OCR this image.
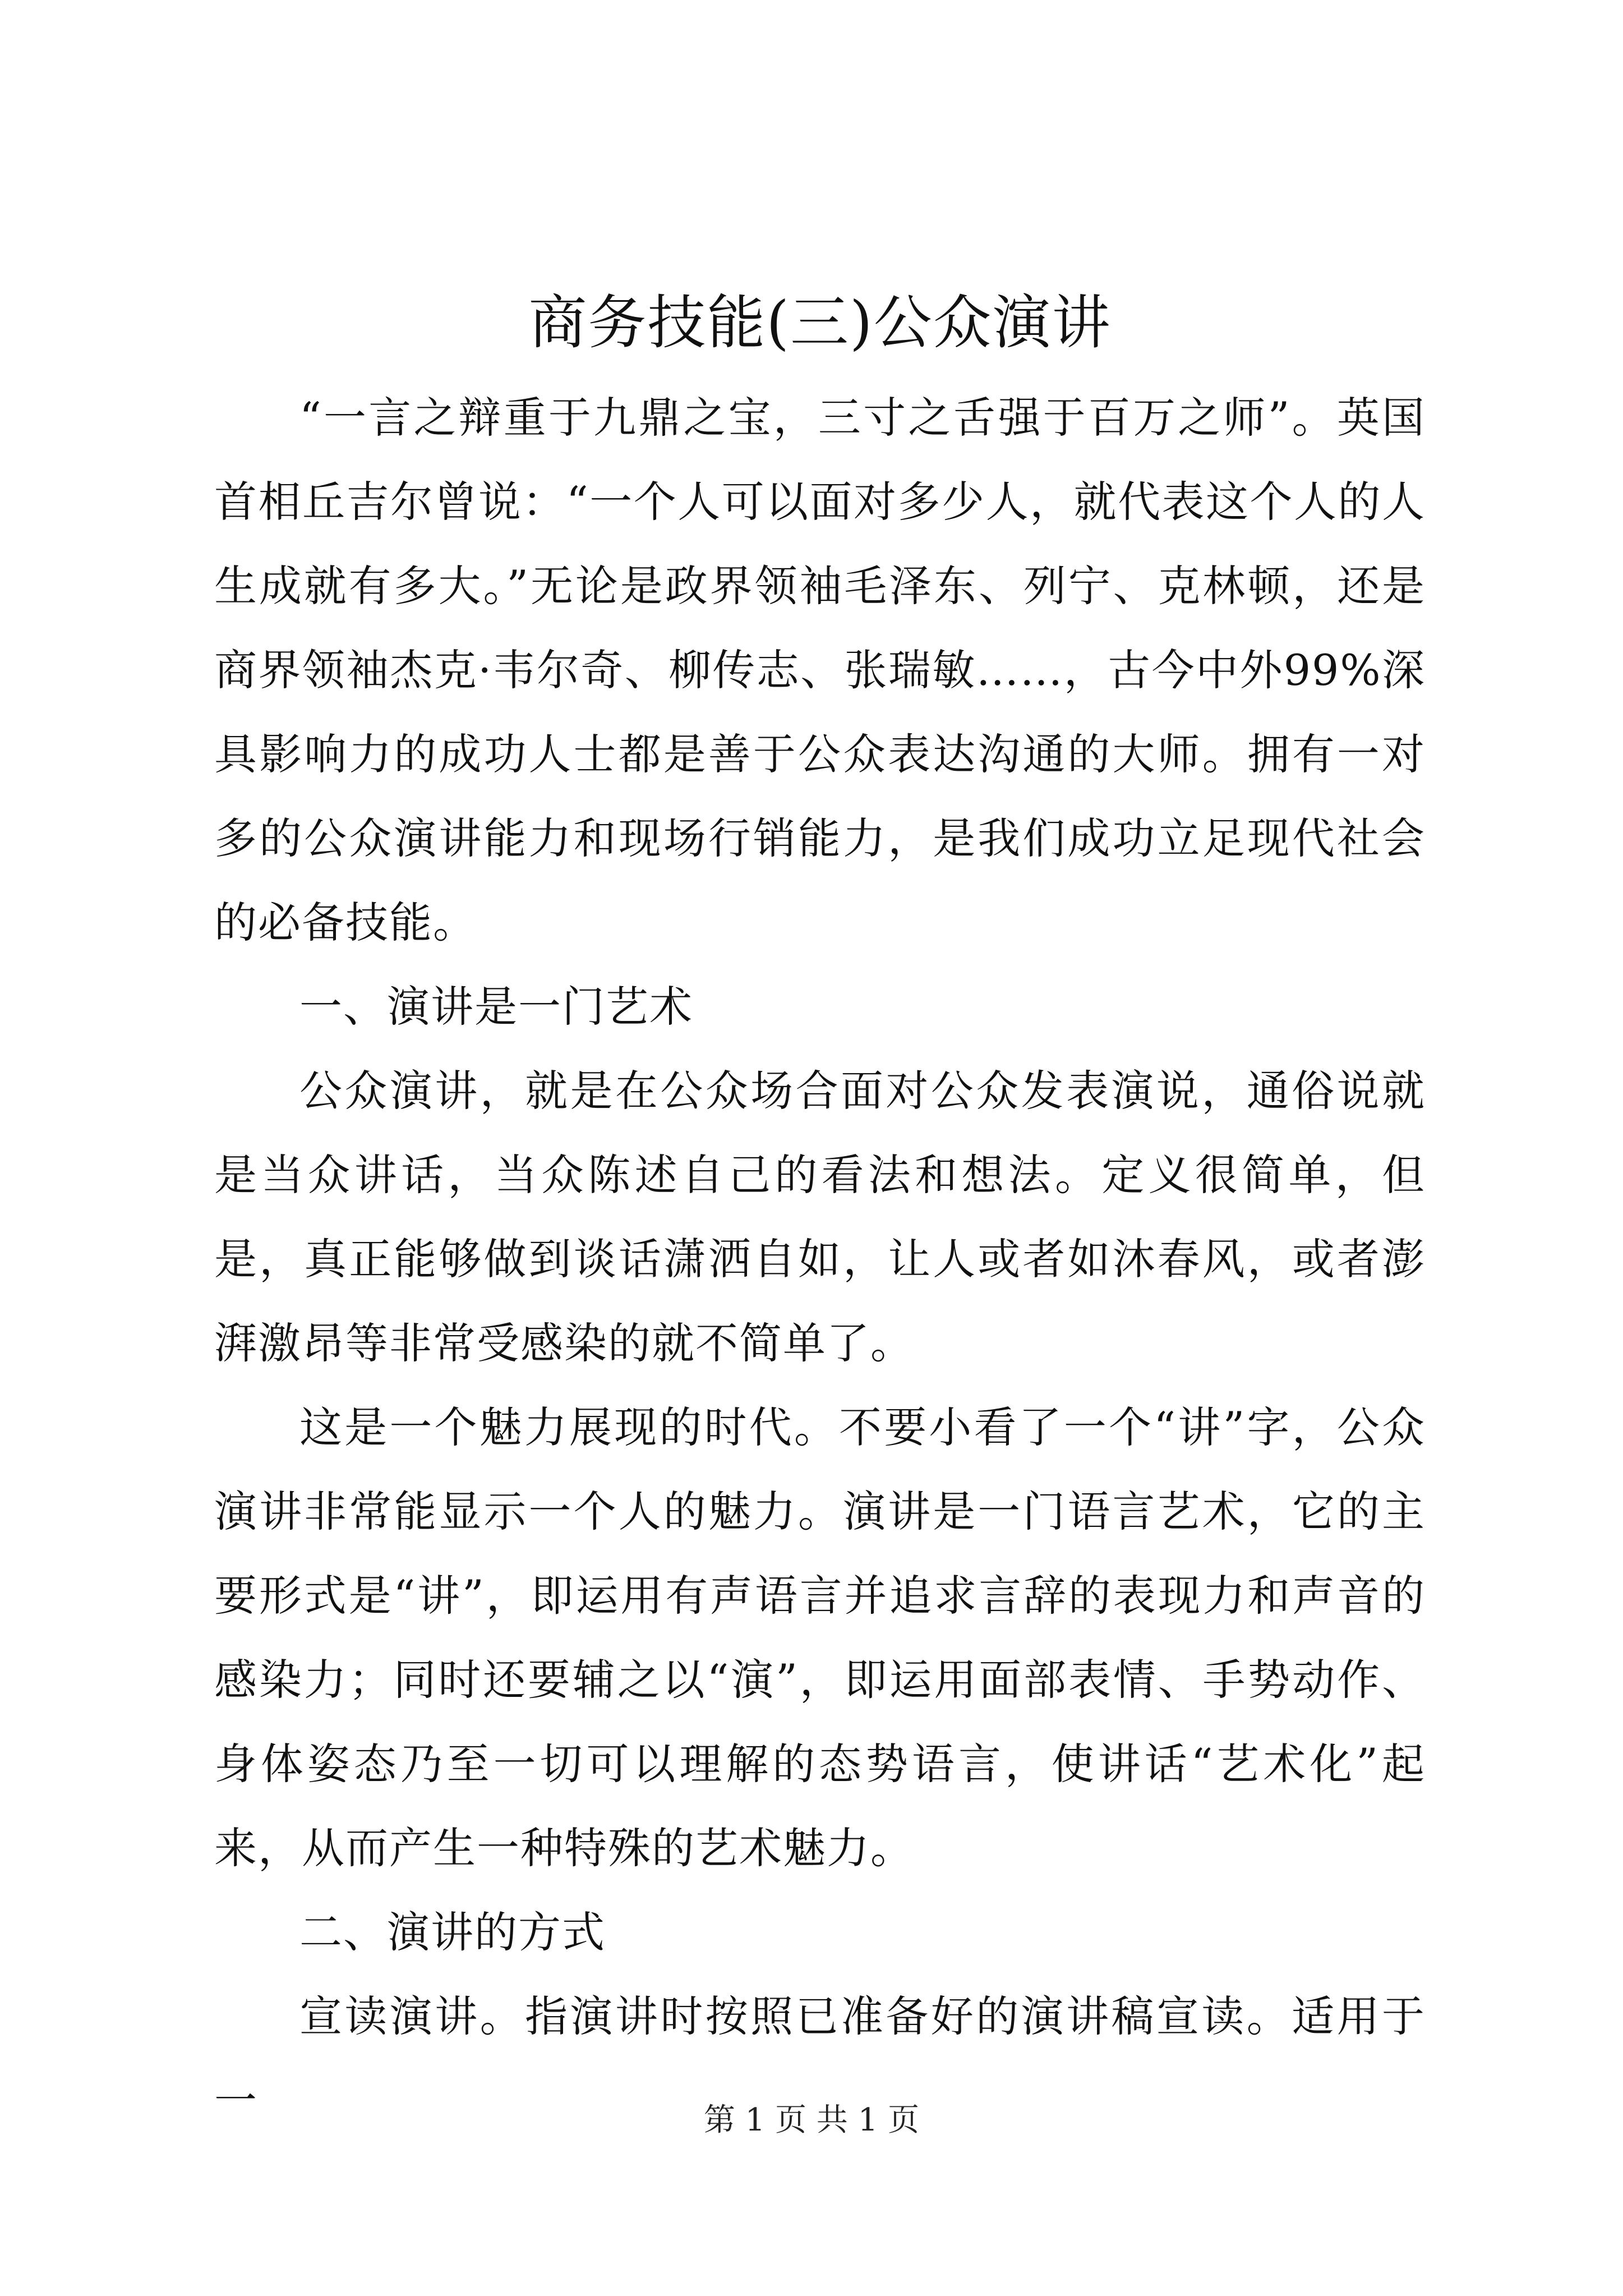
商务技能(三)公众演讲

“一言之辩重于九鼎之宝，三寸之舌强于百万之师”。英国首相丘吉尔曾说：“一个人可以面对多少人，就代表这个人的人生成就有多大。”无论是政界领袖毛泽东、列宁、克林顿，还是商界领袖杰克·韦尔奇、柳传志、张瑞敏……，古今中外99%深具影响力的成功人士都是善于公众表达沟通的大师。拥有一对多的公众演讲能力和现场行销能力，是我们成功立足现代社会的必备技能。

一、演讲是一门艺术

公众演讲，就是在公众场合面对公众发表演说，通俗说就是当众讲话，当众陈述自己的看法和想法。定义很简单，但是，真正能够做到谈话潇洒自如，让人或者如沐春风，或者澎湃激昂等非常受感染的就不简单了。

这是一个魅力展现的时代。不要小看了一个“讲”字，公众演讲非常能显示一个人的魅力。演讲是一门语言艺术，它的主要形式是“讲”，即运用有声语言并追求言辞的表现力和声音的感染力；同时还要辅之以“演”，即运用面部表情、手势动作、身体姿态乃至一切可以理解的态势语言，使讲话“艺术化”起来，从而产生一种特殊的艺术魅力。

二、演讲的方式

宣读演讲。指演讲时按照已准备好的演讲稿宣读。适用于一	第 1 页 共 1 页
